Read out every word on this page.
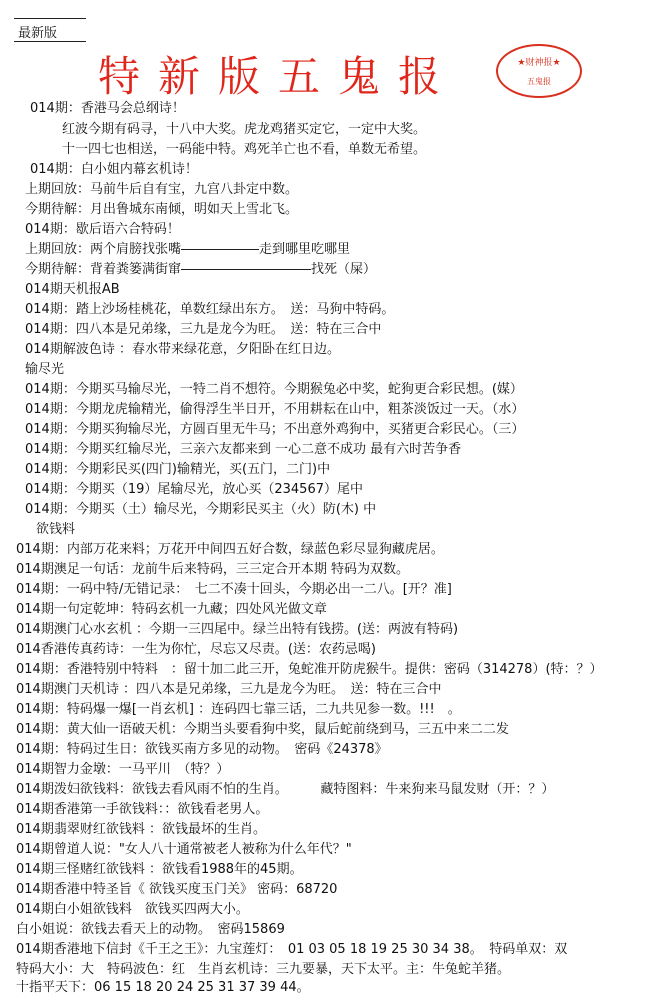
最新版
特新版五鬼报	★财神报★
五鬼报
014期：香港马会总纲诗！
红波今期有码寻，十八中大奖。虎龙鸡猪买定它，一定中大奖。
十一四七也相送，一码能中特。鸡死羊亡也不看，单数无希望。
014期：白小姐内幕玄机诗！
上期回放：马前牛后自有宝，九宫八卦定中数。
今期待解：月出鲁城东南倾，明如天上雪北飞。
014期：歇后语六合特码！
上期回放：两个肩膀找张嘴――――――走到哪里吃哪里
今期待解：背着粪篓满街窜――――――――――找死（屎）
014期天机报AB
014期：踏上沙场桂桃花，单数红绿出东方。　送：马狗中特码。
014期：四八本是兄弟缘，三九是龙今为旺。　送：特在三合中
014期解波色诗 ：春水带来绿花意，夕阳卧在红日边。
输尽光
014期：今期买马输尽光，一特二肖不想符。今期猴兔必中奖，蛇狗更合彩民想。(媒）
014期：今期龙虎输精光，偷得浮生半日开，不用耕耘在山中，粗茶淡饭过一天。（水）
014期：今期买狗输尽光，方圆百里无牛马；不出意外鸡狗中，买猪更合彩民心。（三）
014期：今期买红输尽光，三亲六友都来到 一心二意不成功 最有六时苦争香
014期：今期彩民买(四门)输精光，买(五门，二门)中
014期：今期买（19）尾输尽光，放心买（234567）尾中
014期：今期买（土）输尽光，今期彩民买主（火）防(木) 中
欲钱料
014期：内部万花来料；万花开中间四五好合数，绿蓝色彩尽显狗藏虎居。
014期澳足一句话：龙前牛后来特码，三三定合开本期 特码为双数。
014期：一码中特/无错记录：　七二不凑十回头，今期必出一二八。[开？准]
014期一句定乾坤：特码玄机一九藏；四处风光做文章
014期澳门心水玄机 ：今期一三四尾中。绿兰出特有钱捞。(送：两波有特码)
014香港传真药诗：一生为你忙，尽忘又尽责。(送：农药忌喝)
014期：香港特别中特料　：留十加二此三开，兔蛇准开防虎猴牛。提供：密码（314278）(特：？）
014期澳门天机诗 ：四八本是兄弟缘，三九是龙今为旺。　送：特在三合中
014期：特码爆一爆[一肖玄机] ：连码四七靠三话，二九共见参一数。!!!　。
014期：黄大仙一语破天机：今期当头要看狗中奖，鼠后蛇前绕到马，三五中来二二发
014期：特码过生日：欲钱买南方多见的动物。　密码《24378》
014期智力金墩：一马平川　（特？）
014期泼妇欲钱料：欲钱去看风雨不怕的生肖。　　　藏特图料：牛来狗来马鼠发财（开：？）
014期香港第一手欲钱料：：欲钱看老男人。
014期翡翠财红欲钱料 ：欲钱最坏的生肖。
014期曾道人说："女人八十通常被老人被称为什么年代？"
014期三怪赌红欲钱料 ：欲钱看1988年的45期。
014期香港中特圣旨《 欲钱买度玉门关》 密码：68720
014期白小姐欲钱料　欲钱买四两大小。
白小姐说：欲钱去看天上的动物。　密码15869
014期香港地下信封《千王之王》：九宝莲灯：　01 03 05 18 19 25 30 34 38。　特码单双：双
特码大小：大　特码波色：红　生肖玄机诗：三九要暴，天下太平。主：牛兔蛇羊猪。
十指平天下：06 15 18 20 24 25 31 37 39 44。
